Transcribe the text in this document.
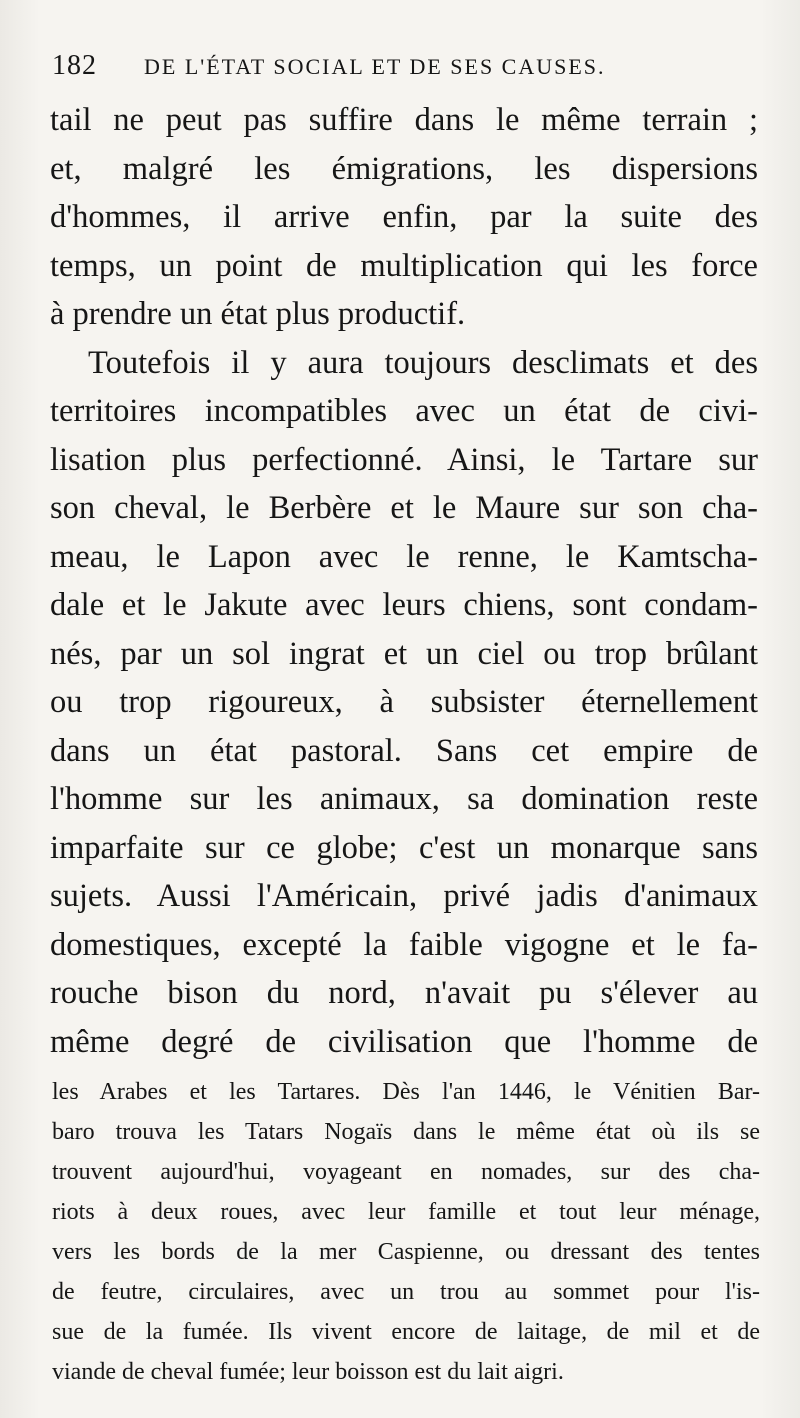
182	DE L'ÉTAT SOCIAL ET DE SES CAUSES.
tail ne peut pas suffire dans le même terrain ;
et, malgré les émigrations, les dispersions
d'hommes, il arrive enfin, par la suite des
temps, un point de multiplication qui les force
à prendre un état plus productif.
Toutefois il y aura toujours desclimats et des
territoires incompatibles avec un état de civi-
lisation plus perfectionné. Ainsi, le Tartare sur
son cheval, le Berbère et le Maure sur son cha-
meau, le Lapon avec le renne, le Kamtscha-
dale et le Jakute avec leurs chiens, sont condam-
nés, par un sol ingrat et un ciel ou trop brûlant
ou trop rigoureux, à subsister éternellement
dans un état pastoral. Sans cet empire de
l'homme sur les animaux, sa domination reste
imparfaite sur ce globe; c'est un monarque sans
sujets. Aussi l'Américain, privé jadis d'animaux
domestiques, excepté la faible vigogne et le fa-
rouche bison du nord, n'avait pu s'élever au
même degré de civilisation que l'homme de
les Arabes et les Tartares. Dès l'an 1446, le Vénitien Bar-
baro trouva les Tatars Nogaïs dans le même état où ils se
trouvent aujourd'hui, voyageant en nomades, sur des cha-
riots à deux roues, avec leur famille et tout leur ménage,
vers les bords de la mer Caspienne, ou dressant des tentes
de feutre, circulaires, avec un trou au sommet pour l'is-
sue de la fumée. Ils vivent encore de laitage, de mil et de
viande de cheval fumée; leur boisson est du lait aigri.
